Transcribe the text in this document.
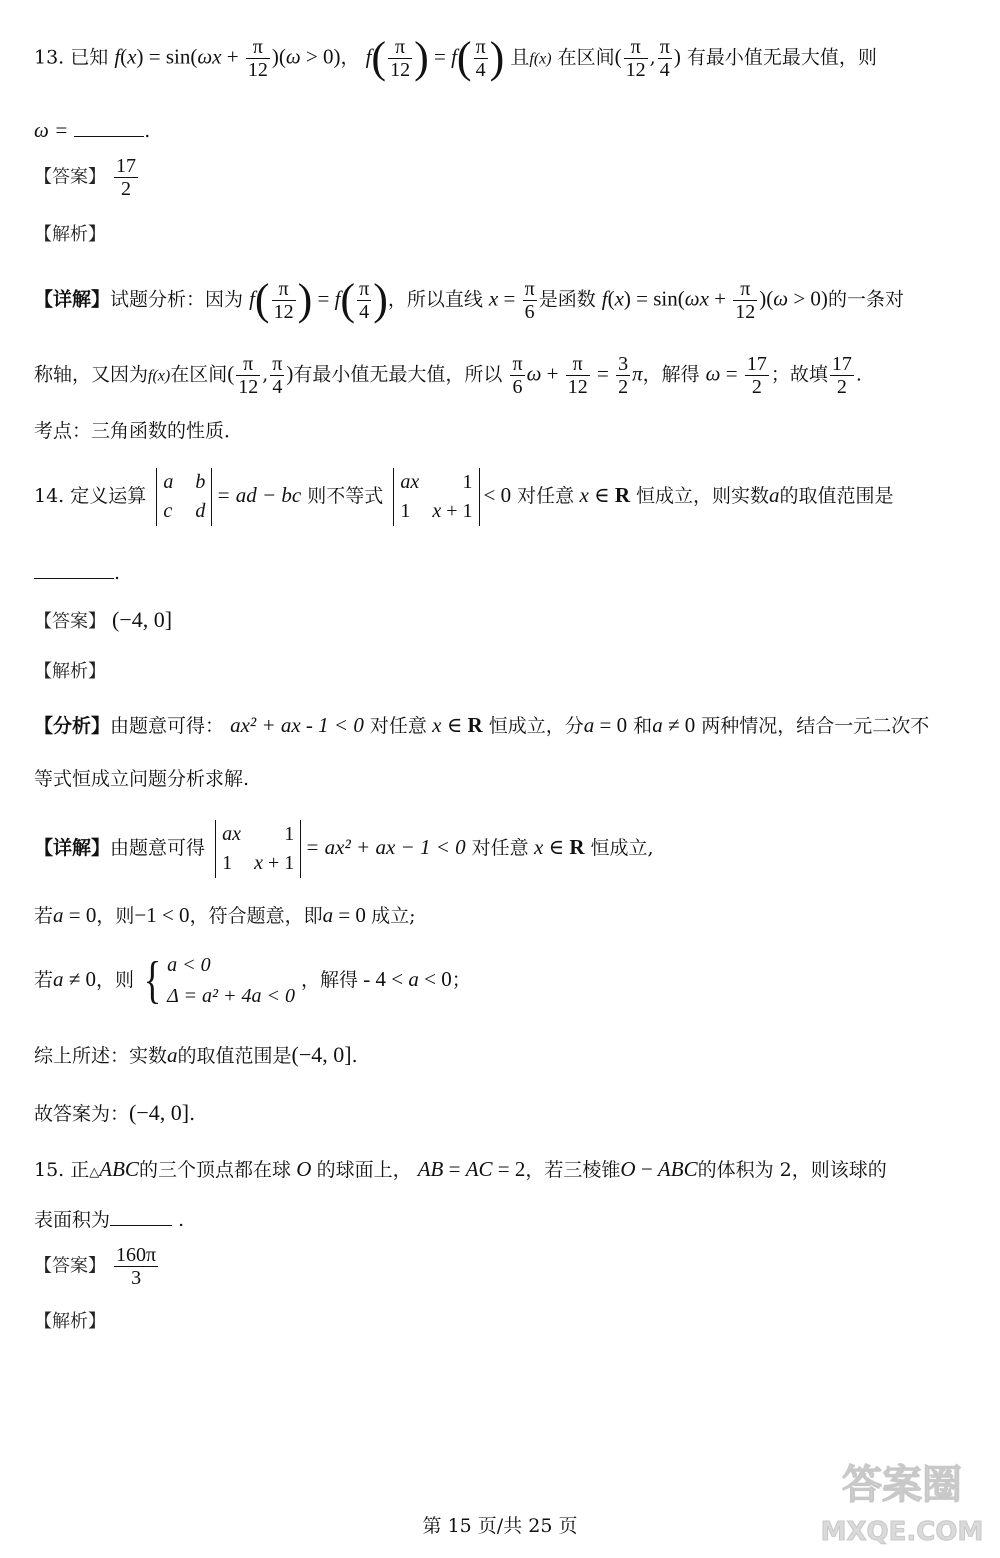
13. 已知 $f(x) = \sin(\omega x + \frac{\pi}{12} )(\omega > 0)$， $f( \frac{\pi}{12}$ ) = $f( \frac{\pi}{4}$ ) 且f(x) 在区间( $\frac{\pi}{12}$ , $\frac{\pi}{4}$ ) 有最小值无最大值，则
ω =	.
【答案】 $\frac{17}{2}$
【解析】
【详解】试题分析：因为 $f( \frac{\pi}{12}$ ) = $f( \frac{\pi}{4}$ )，所以直线 $x = \frac{\pi}{6}$ 是函数 $f(x) = \sin(\omega x + \frac{\pi}{12} )(\omega > 0)$的一条对
称轴，又因为f(x)在区间( $\frac{\pi}{12}$ , $\frac{\pi}{4}$ )有最小值无最大值，所以 $\frac{\pi}{6}$ $\omega + \frac{\pi}{12} = \frac{3}{2}$ π，解得 $\omega = \frac{17}{2}$ ；故填 $\frac{17}{2}$ .
考点：三角函数的性质．
14. 定义运算
a b
c d
= ad − bc 则不等式
ax 1
1 x + 1
< 0 对任意 x ∈ R 恒成立，则实数a的取值范围是
.
【答案】 (−4, 0]
【解析】
【分析】由题意可得： ax² + ax - 1 < 0 对任意 x ∈ R 恒成立，分a = 0 和a ≠ 0 两种情况，结合一元二次不
等式恒成立问题分析求解.
【详解】由题意可得
ax 1
1 x + 1
= ax² + ax − 1 < 0 对任意 x ∈ R 恒成立,
若a = 0，则−1 < 0，符合题意，即a = 0 成立;
若a ≠ 0，则 { a < 0
Δ = a² + 4a < 0
，解得 - 4 < a < 0；
综上所述：实数a的取值范围是(−4, 0].
故答案为：(−4, 0].
15. 正△ABC的三个顶点都在球 O 的球面上， AB = AC = 2，若三棱锥O − ABC的体积为 2，则该球的
表面积为	.
【答案】 $\frac{160\pi}{3}$
【解析】
答案圈
MXQE.COM
第 15 页/共 25 页
